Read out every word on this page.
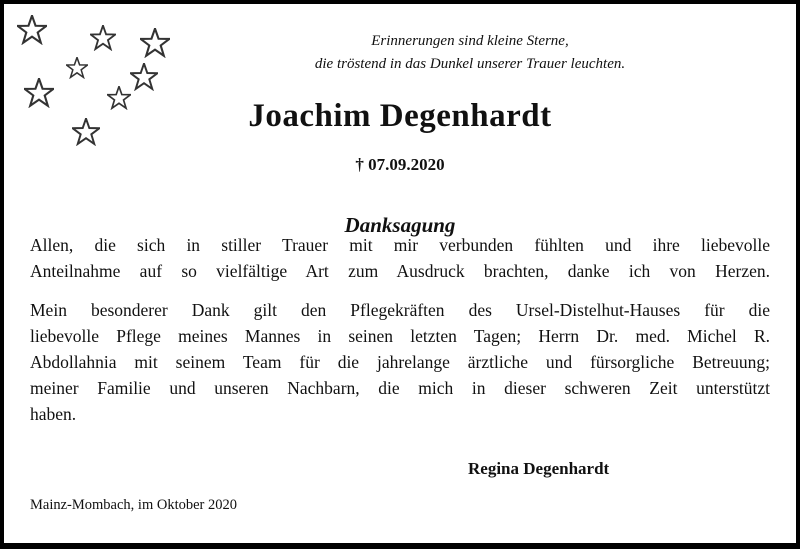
Erinnerungen sind kleine Sterne,
die tröstend in das Dunkel unserer Trauer leuchten.
Joachim Degenhardt
† 07.09.2020
Danksagung
Allen, die sich in stiller Trauer mit mir verbunden fühlten und ihre liebevolle
Anteilnahme auf so vielfältige Art zum Ausdruck brachten, danke ich von Herzen.
Mein besonderer Dank gilt den Pflegekräften des Ursel-Distelhut-Hauses für die
liebevolle Pflege meines Mannes in seinen letzten Tagen; Herrn Dr. med. Michel R.
Abdollahnia mit seinem Team für die jahrelange ärztliche und fürsorgliche Betreuung;
meiner Familie und unseren Nachbarn, die mich in dieser schweren Zeit unterstützt
haben.
Regina Degenhardt
Mainz-Mombach, im Oktober 2020
